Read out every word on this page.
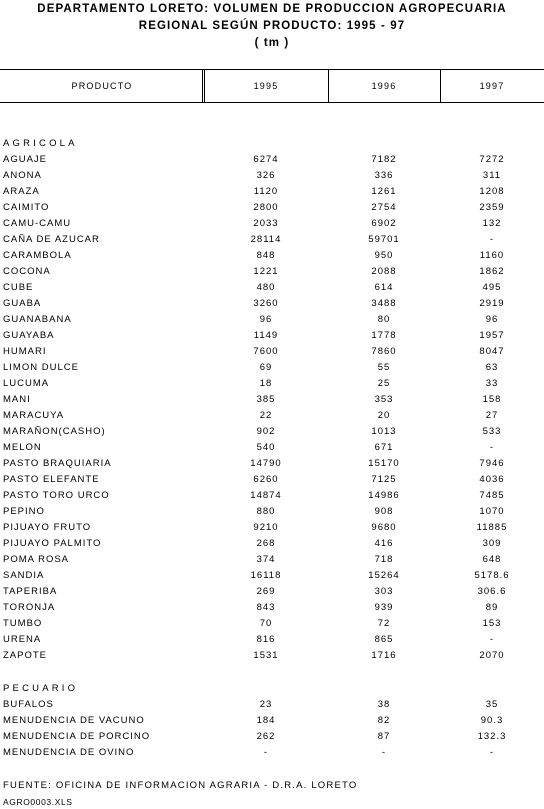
DEPARTAMENTO LORETO: VOLUMEN DE PRODUCCION AGROPECUARIA
REGIONAL SEGÚN PRODUCTO: 1995 - 97
( tm )
PRODUCTO	1995	1996	1997
AGRICOLA
AGUAJE	6274	7182	7272
ANONA	326	336	311
ARAZA	1120	1261	1208
CAIMITO	2800	2754	2359
CAMU-CAMU	2033	6902	132
CAÑA DE AZUCAR	28114	59701	-
CARAMBOLA	848	950	1160
COCONA	1221	2088	1862
CUBE	480	614	495
GUABA	3260	3488	2919
GUANABANA	96	80	96
GUAYABA	1149	1778	1957
HUMARI	7600	7860	8047
LIMON DULCE	69	55	63
LUCUMA	18	25	33
MANI	385	353	158
MARACUYA	22	20	27
MARAÑON(CASHO)	902	1013	533
MELON	540	671	-
PASTO BRAQUIARIA	14790	15170	7946
PASTO ELEFANTE	6260	7125	4036
PASTO TORO URCO	14874	14986	7485
PEPINO	880	908	1070
PIJUAYO FRUTO	9210	9680	11885
PIJUAYO PALMITO	268	416	309
POMA ROSA	374	718	648
SANDIA	16118	15264	5178.6
TAPERIBA	269	303	306.6
TORONJA	843	939	89
TUMBO	70	72	153
URENA	816	865	-
ZAPOTE	1531	1716	2070
PECUARIO
BUFALOS	23	38	35
MENUDENCIA DE VACUNO	184	82	90.3
MENUDENCIA DE PORCINO	262	87	132.3
MENUDENCIA DE OVINO	-	-	-
FUENTE: OFICINA DE INFORMACION AGRARIA - D.R.A. LORETO
AGRO0003.XLS
